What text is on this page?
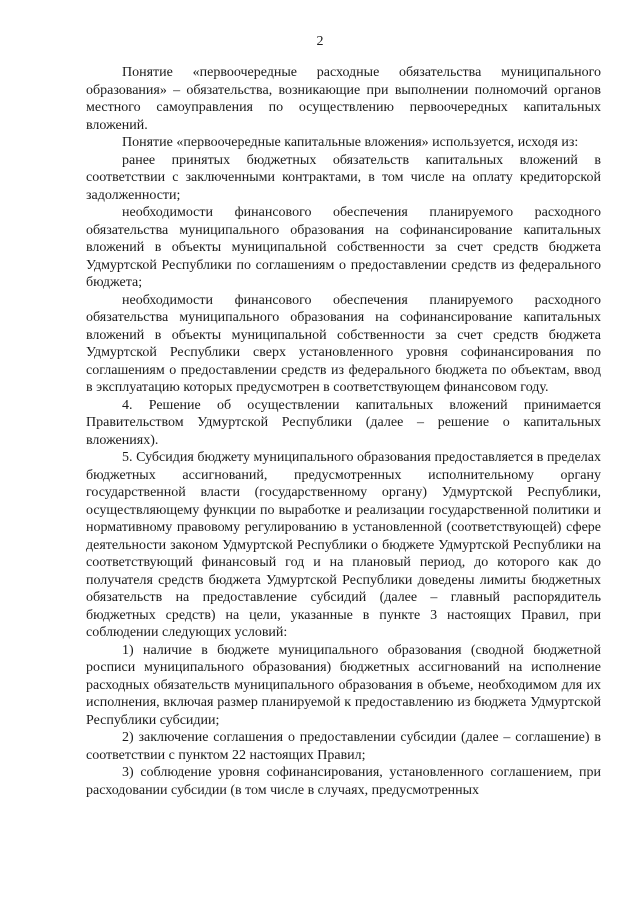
2

Понятие «первоочередные расходные обязательства муниципального образования» – обязательства, возникающие при выполнении полномочий органов местного самоуправления по осуществлению первоочередных капитальных вложений.

Понятие «первоочередные капитальные вложения» используется, исходя из:

ранее принятых бюджетных обязательств капитальных вложений в соответствии с заключенными контрактами, в том числе на оплату кредиторской задолженности;

необходимости финансового обеспечения планируемого расходного обязательства муниципального образования на софинансирование капитальных вложений в объекты муниципальной собственности за счет средств бюджета Удмуртской Республики по соглашениям о предоставлении средств из федерального бюджета;

необходимости финансового обеспечения планируемого расходного обязательства муниципального образования на софинансирование капитальных вложений в объекты муниципальной собственности за счет средств бюджета Удмуртской Республики сверх установленного уровня софинансирования по соглашениям о предоставлении средств из федерального бюджета по объектам, ввод в эксплуатацию которых предусмотрен в соответствующем финансовом году.

4. Решение об осуществлении капитальных вложений принимается Правительством Удмуртской Республики (далее – решение о капитальных вложениях).

5. Субсидия бюджету муниципального образования предоставляется в пределах бюджетных ассигнований, предусмотренных исполнительному органу государственной власти (государственному органу) Удмуртской Республики, осуществляющему функции по выработке и реализации государственной политики и нормативному правовому регулированию в установленной (соответствующей) сфере деятельности законом Удмуртской Республики о бюджете Удмуртской Республики на соответствующий финансовый год и на плановый период, до которого как до получателя средств бюджета Удмуртской Республики доведены лимиты бюджетных обязательств на предоставление субсидий (далее – главный распорядитель бюджетных средств) на цели, указанные в пункте 3 настоящих Правил, при соблюдении следующих условий:

1) наличие в бюджете муниципального образования (сводной бюджетной росписи муниципального образования) бюджетных ассигнований на исполнение расходных обязательств муниципального образования в объеме, необходимом для их исполнения, включая размер планируемой к предоставлению из бюджета Удмуртской Республики субсидии;

2) заключение соглашения о предоставлении субсидии (далее – соглашение) в соответствии с пунктом 22 настоящих Правил;

3) соблюдение уровня софинансирования, установленного соглашением, при расходовании субсидии (в том числе в случаях, предусмотренных
